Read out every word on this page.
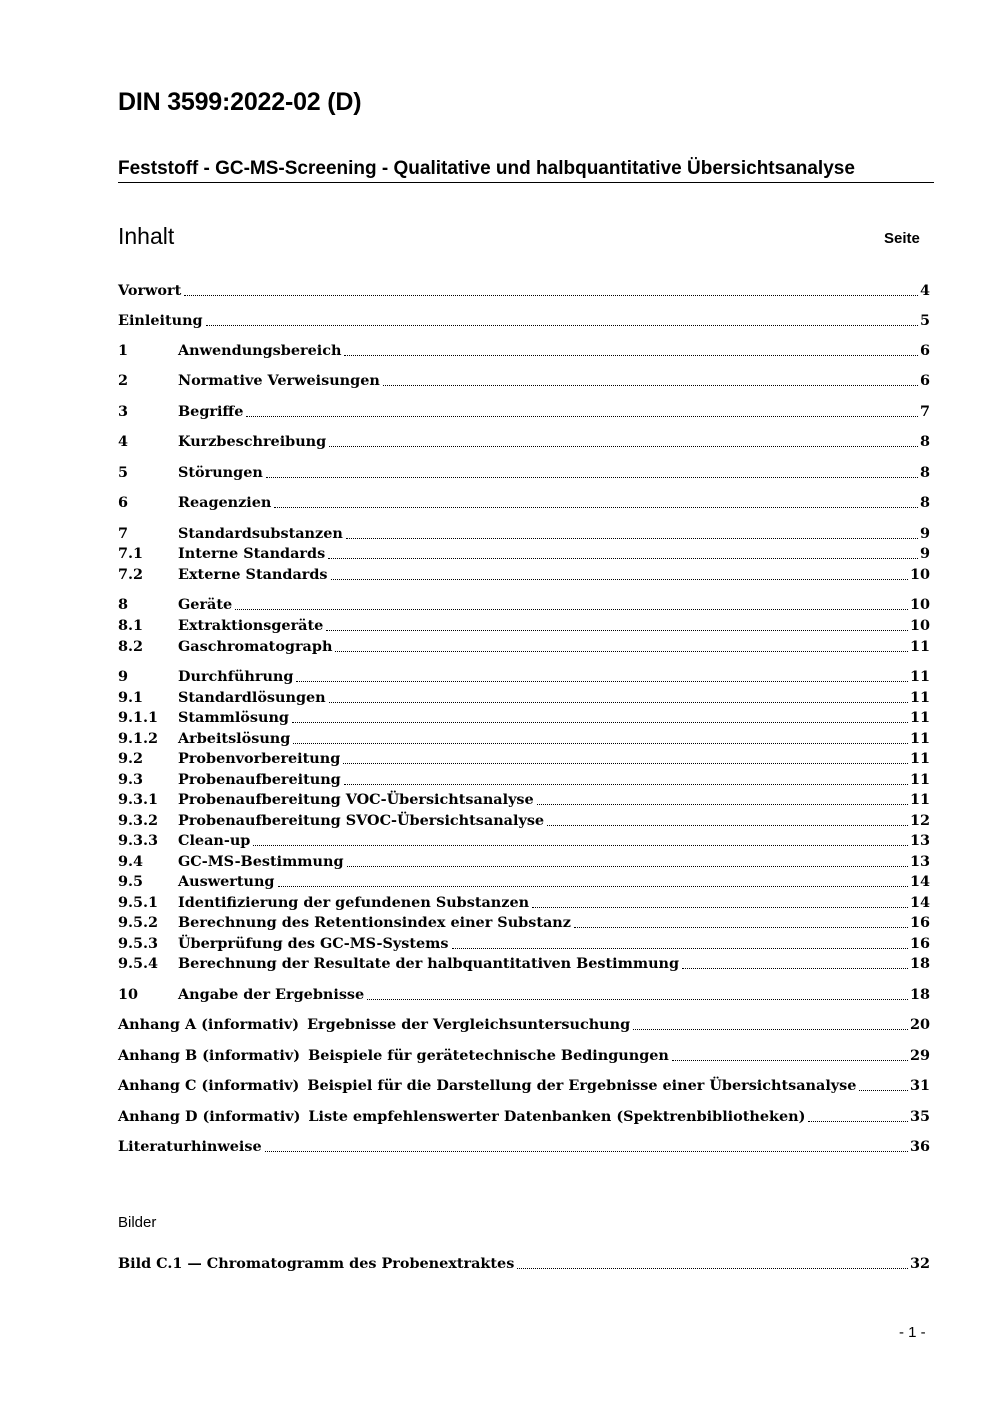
DIN 3599:2022-02 (D)
Feststoff - GC-MS-Screening - Qualitative und halbquantitative Übersichtsanalyse
Inhalt	Seite
Vorwort	4
Einleitung	5
1	Anwendungsbereich	6
2	Normative Verweisungen	6
3	Begriffe	7
4	Kurzbeschreibung	8
5	Störungen	8
6	Reagenzien	8
7	Standardsubstanzen	9
7.1	Interne Standards	9
7.2	Externe Standards	10
8	Geräte	10
8.1	Extraktionsgeräte	10
8.2	Gaschromatograph	11
9	Durchführung	11
9.1	Standardlösungen	11
9.1.1	Stammlösung	11
9.1.2	Arbeitslösung	11
9.2	Probenvorbereitung	11
9.3	Probenaufbereitung	11
9.3.1	Probenaufbereitung VOC-Übersichtsanalyse	11
9.3.2	Probenaufbereitung SVOC-Übersichtsanalyse	12
9.3.3	Clean-up	13
9.4	GC-MS-Bestimmung	13
9.5	Auswertung	14
9.5.1	Identifizierung der gefundenen Substanzen	14
9.5.2	Berechnung des Retentionsindex einer Substanz	16
9.5.3	Überprüfung des GC-MS-Systems	16
9.5.4	Berechnung der Resultate der halbquantitativen Bestimmung	18
10	Angabe der Ergebnisse	18
Anhang A (informativ) Ergebnisse der Vergleichsuntersuchung	20
Anhang B (informativ) Beispiele für gerätetechnische Bedingungen	29
Anhang C (informativ) Beispiel für die Darstellung der Ergebnisse einer Übersichtsanalyse	31
Anhang D (informativ) Liste empfehlenswerter Datenbanken (Spektrenbibliotheken)	35
Literaturhinweise	36
Bilder
Bild C.1 — Chromatogramm des Probenextraktes	32
- 1 -
